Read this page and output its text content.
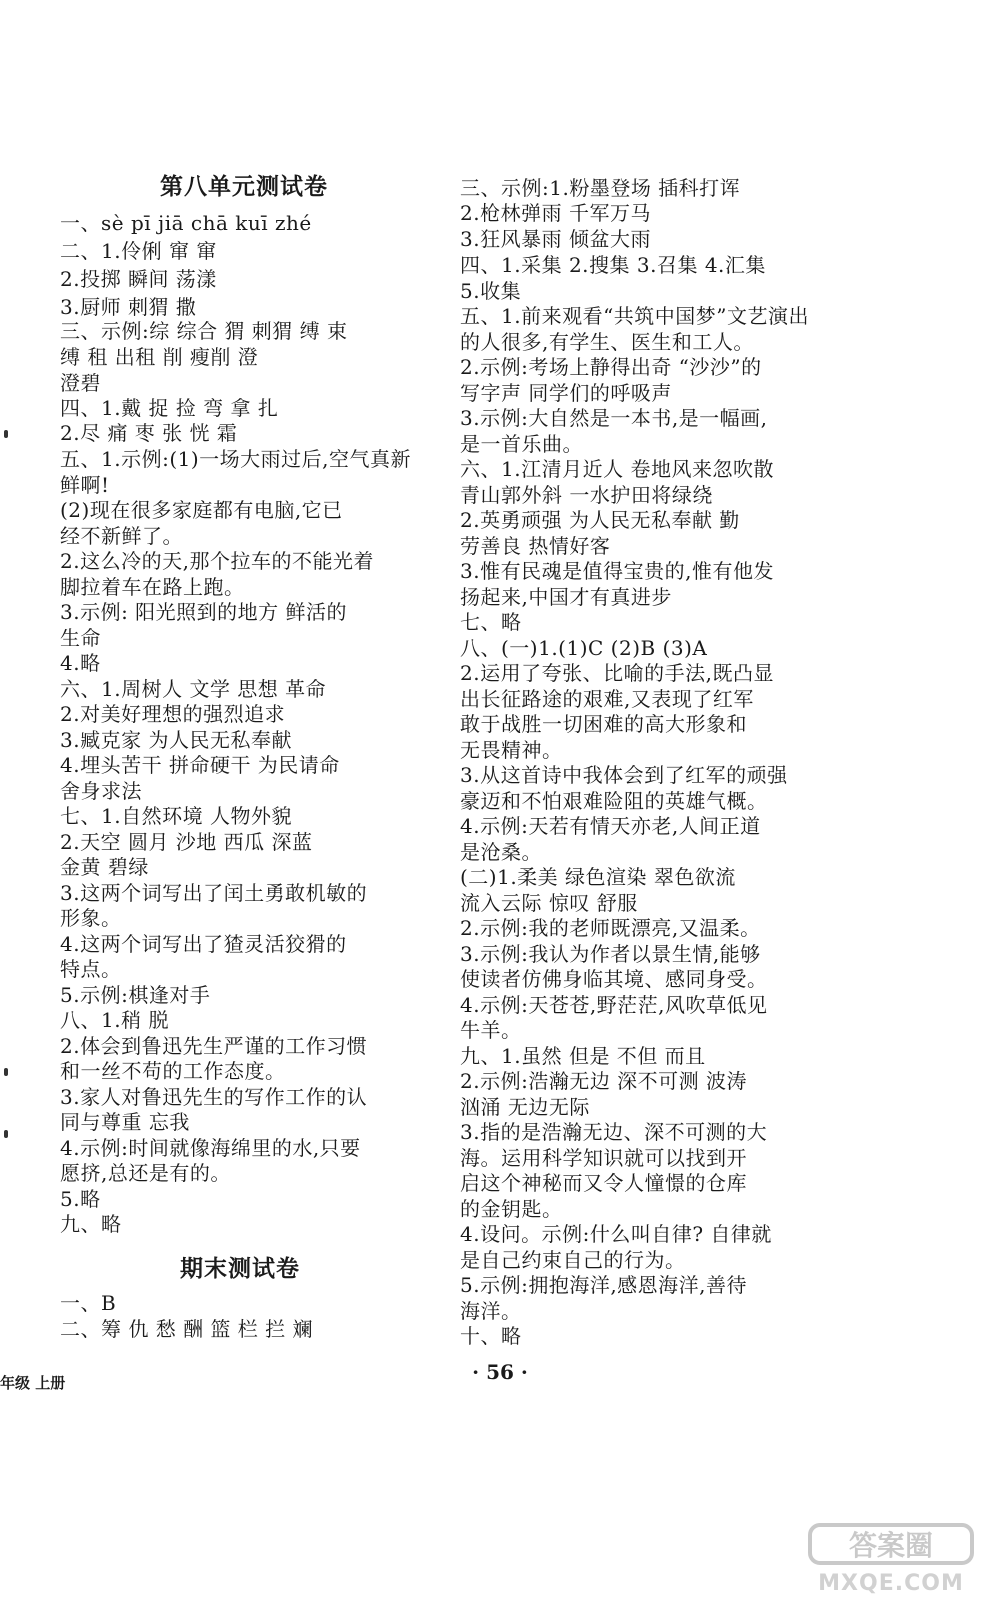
第八单元测试卷
一、sè pī jiā chā kuī zhé
二、1.伶俐 窜 窜
2.投掷 瞬间 荡漾
3.厨师 刺猬 撒
三、示例:综 综合 猬 刺猬 缚 束
缚 租 出租 削 瘦削 澄
澄碧
四、1.戴 捉 捡 弯 拿 扎
2.尽 痛 枣 张 恍 霜
五、1.示例:(1)一场大雨过后,空气真新
鲜啊!
(2)现在很多家庭都有电脑,它已
经不新鲜了。
2.这么冷的天,那个拉车的不能光着
脚拉着车在路上跑。
3.示例: 阳光照到的地方 鲜活的
生命
4.略
六、1.周树人 文学 思想 革命
2.对美好理想的强烈追求
3.臧克家 为人民无私奉献
4.埋头苦干 拼命硬干 为民请命
舍身求法
七、1.自然环境 人物外貌
2.天空 圆月 沙地 西瓜 深蓝
金黄 碧绿
3.这两个词写出了闰土勇敢机敏的
形象。
4.这两个词写出了猹灵活狡猾的
特点。
5.示例:棋逢对手
八、1.稍 脱
2.体会到鲁迅先生严谨的工作习惯
和一丝不苟的工作态度。
3.家人对鲁迅先生的写作工作的认
同与尊重 忘我
4.示例:时间就像海绵里的水,只要
愿挤,总还是有的。
5.略
九、略
期末测试卷
一、B
二、筹 仇 愁 酬 篮 栏 拦 斓
三、示例:1.粉墨登场 插科打诨
2.枪林弹雨 千军万马
3.狂风暴雨 倾盆大雨
四、1.采集 2.搜集 3.召集 4.汇集
5.收集
五、1.前来观看“共筑中国梦”文艺演出
的人很多,有学生、医生和工人。
2.示例:考场上静得出奇 “沙沙”的
写字声 同学们的呼吸声
3.示例:大自然是一本书,是一幅画,
是一首乐曲。
六、1.江清月近人 卷地风来忽吹散
青山郭外斜 一水护田将绿绕
2.英勇顽强 为人民无私奉献 勤
劳善良 热情好客
3.惟有民魂是值得宝贵的,惟有他发
扬起来,中国才有真进步
七、略
八、(一)1.(1)C (2)B (3)A
2.运用了夸张、比喻的手法,既凸显
出长征路途的艰难,又表现了红军
敢于战胜一切困难的高大形象和
无畏精神。
3.从这首诗中我体会到了红军的顽强
豪迈和不怕艰难险阻的英雄气概。
4.示例:天若有情天亦老,人间正道
是沧桑。
(二)1.柔美 绿色渲染 翠色欲流
流入云际 惊叹 舒服
2.示例:我的老师既漂亮,又温柔。
3.示例:我认为作者以景生情,能够
使读者仿佛身临其境、感同身受。
4.示例:天苍苍,野茫茫,风吹草低见
牛羊。
九、1.虽然 但是 不但 而且
2.示例:浩瀚无边 深不可测 波涛
汹涌 无边无际
3.指的是浩瀚无边、深不可测的大
海。运用科学知识就可以找到开
启这个神秘而又令人憧憬的仓库
的金钥匙。
4.设问。示例:什么叫自律? 自律就
是自己约束自己的行为。
5.示例:拥抱海洋,感恩海洋,善待
海洋。
十、略
年级 上册	· 56 ·
答案圈
MXQE.COM
